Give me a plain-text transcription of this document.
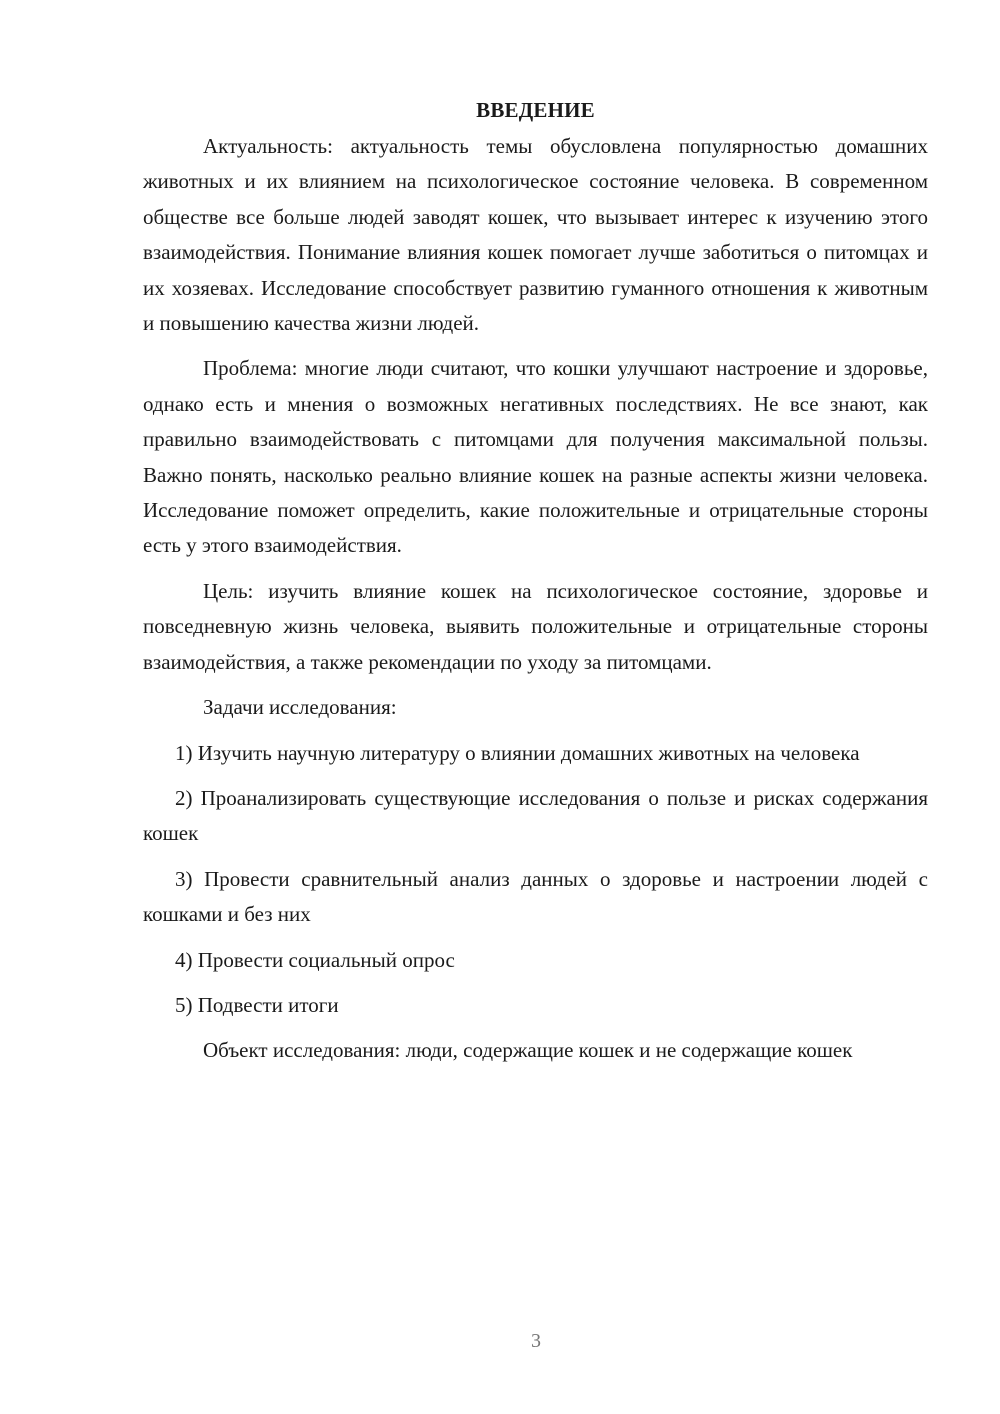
ВВЕДЕНИЕ

Актуальность: актуальность темы обусловлена популярностью домашних животных и их влиянием на психологическое состояние человека. В современном обществе все больше людей заводят кошек, что вызывает интерес к изучению этого взаимодействия. Понимание влияния кошек помогает лучше заботиться о питомцах и их хозяевах. Исследование способствует развитию гуманного отношения к животным и повышению качества жизни людей.

Проблема: многие люди считают, что кошки улучшают настроение и здоровье, однако есть и мнения о возможных негативных последствиях. Не все знают, как правильно взаимодействовать с питомцами для получения максимальной пользы. Важно понять, насколько реально влияние кошек на разные аспекты жизни человека. Исследование поможет определить, какие положительные и отрицательные стороны есть у этого взаимодействия.

Цель: изучить влияние кошек на психологическое состояние, здоровье и повседневную жизнь человека, выявить положительные и отрицательные стороны взаимодействия, а также рекомендации по уходу за питомцами.

Задачи исследования:

1) Изучить научную литературу о влиянии домашних животных на человека

2) Проанализировать существующие исследования о пользе и рисках содержания кошек

3) Провести сравнительный анализ данных о здоровье и настроении людей с кошками и без них

4) Провести социальный опрос

5) Подвести итоги

Объект исследования: люди, содержащие кошек и не содержащие кошек

3
